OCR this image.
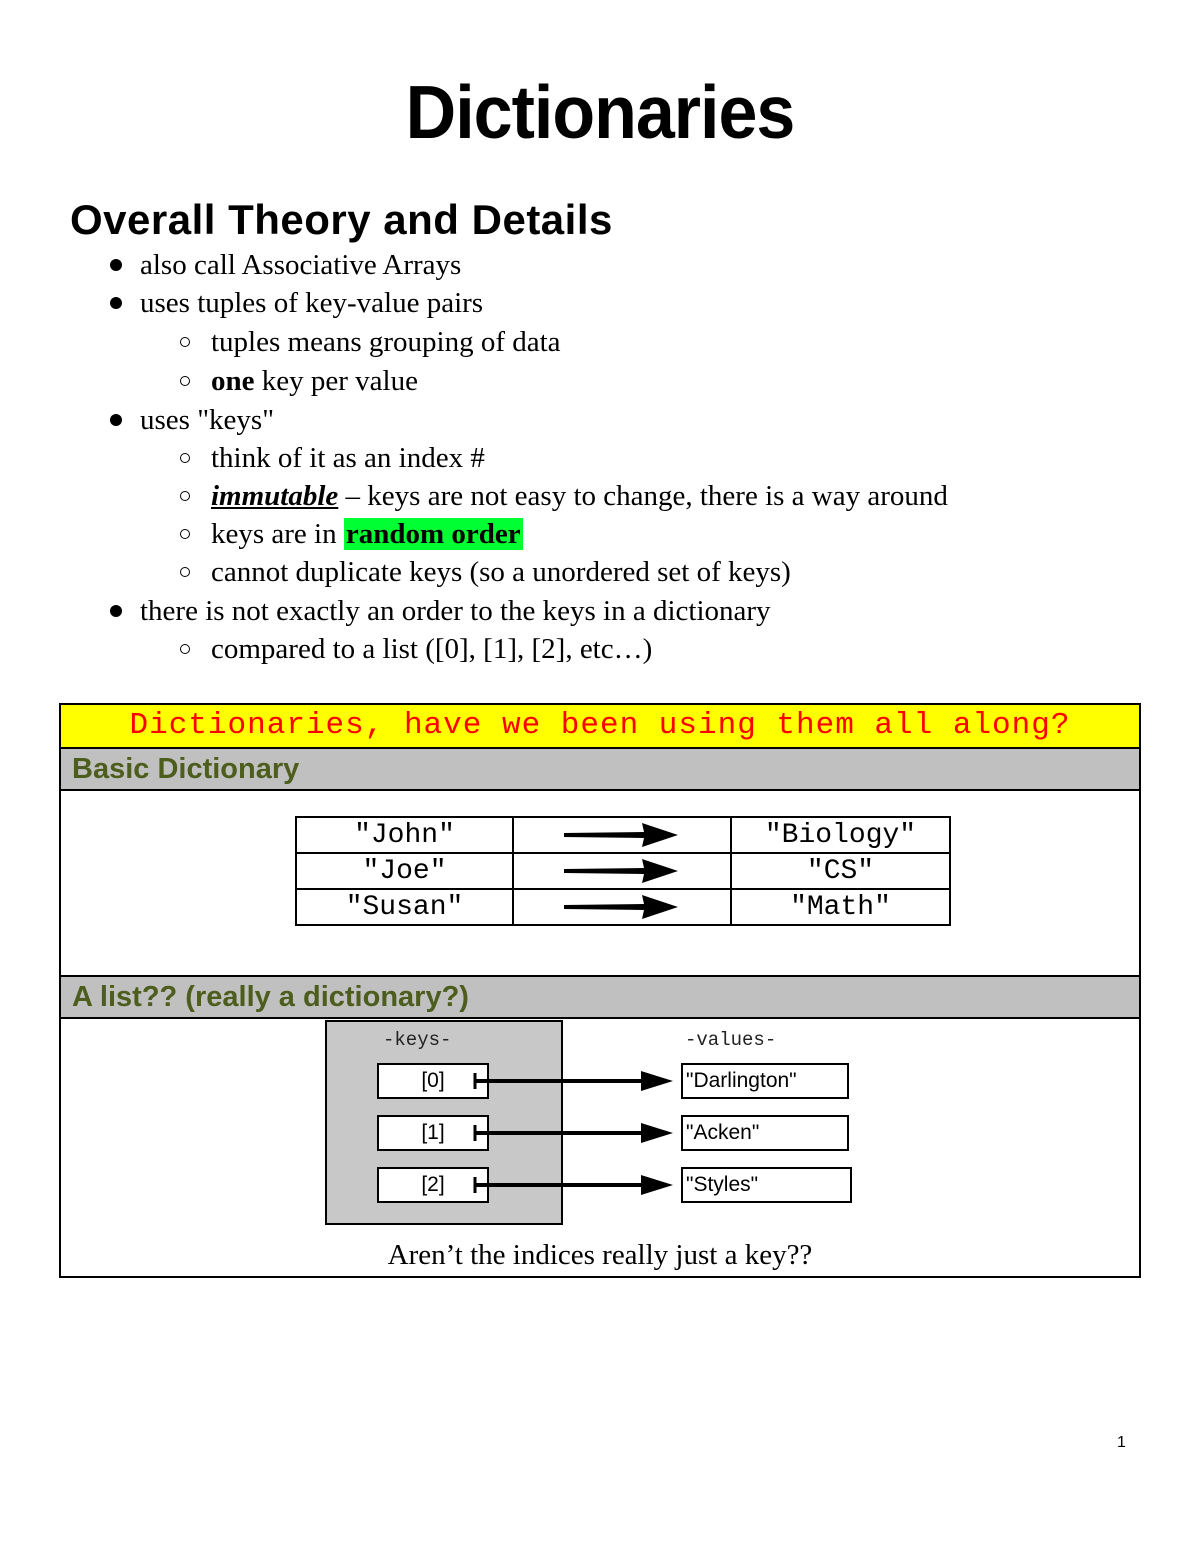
Dictionaries
Overall Theory and Details
also call Associative Arrays
uses tuples of key-value pairs
tuples means grouping of data
one key per value
uses "keys"
think of it as an index #
immutable – keys are not easy to change, there is a way around
keys are in random order
cannot duplicate keys (so a unordered set of keys)
there is not exactly an order to the keys in a dictionary
compared to a list ([0], [1], [2], etc…)
Dictionaries, have we been using them all along?
Basic Dictionary
"John"		"Biology"
"Joe"		"CS"
"Susan"		"Math"
A list?? (really a dictionary?)
-keys-	-values-
[0]
[1]
[2]
"Darlington"
"Acken"
"Styles"
Aren’t the indices really just a key??
1
